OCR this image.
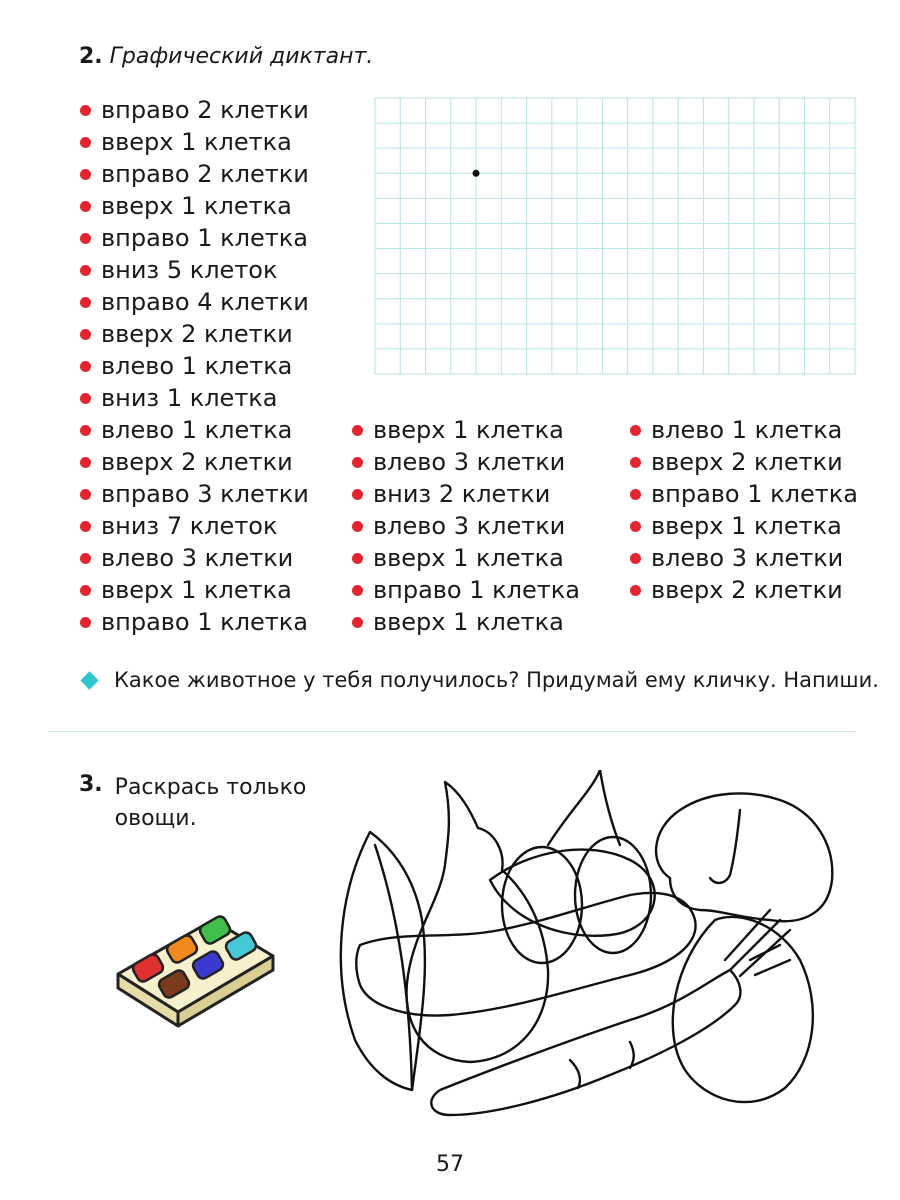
2. Графический диктант.
вправо 2 клетки
вверх 1 клетка
вправо 2 клетки
вверх 1 клетка
вправо 1 клетка
вниз 5 клеток
вправо 4 клетки
вверх 2 клетки
влево 1 клетка
вниз 1 клетка
влево 1 клетка
вверх 2 клетки
вправо 3 клетки
вниз 7 клеток
влево 3 клетки
вверх 1 клетка
вправо 1 клетка
вверх 1 клетка
влево 3 клетки
вниз 2 клетки
влево 3 клетки
вверх 1 клетка
вправо 1 клетка
вверх 1 клетка
влево 1 клетка
вверх 2 клетки
вправо 1 клетка
вверх 1 клетка
влево 3 клетки
вверх 2 клетки
Какое животное у тебя получилось? Придумай ему кличку. Напиши.
3. Раскрась только
овощи.
57
